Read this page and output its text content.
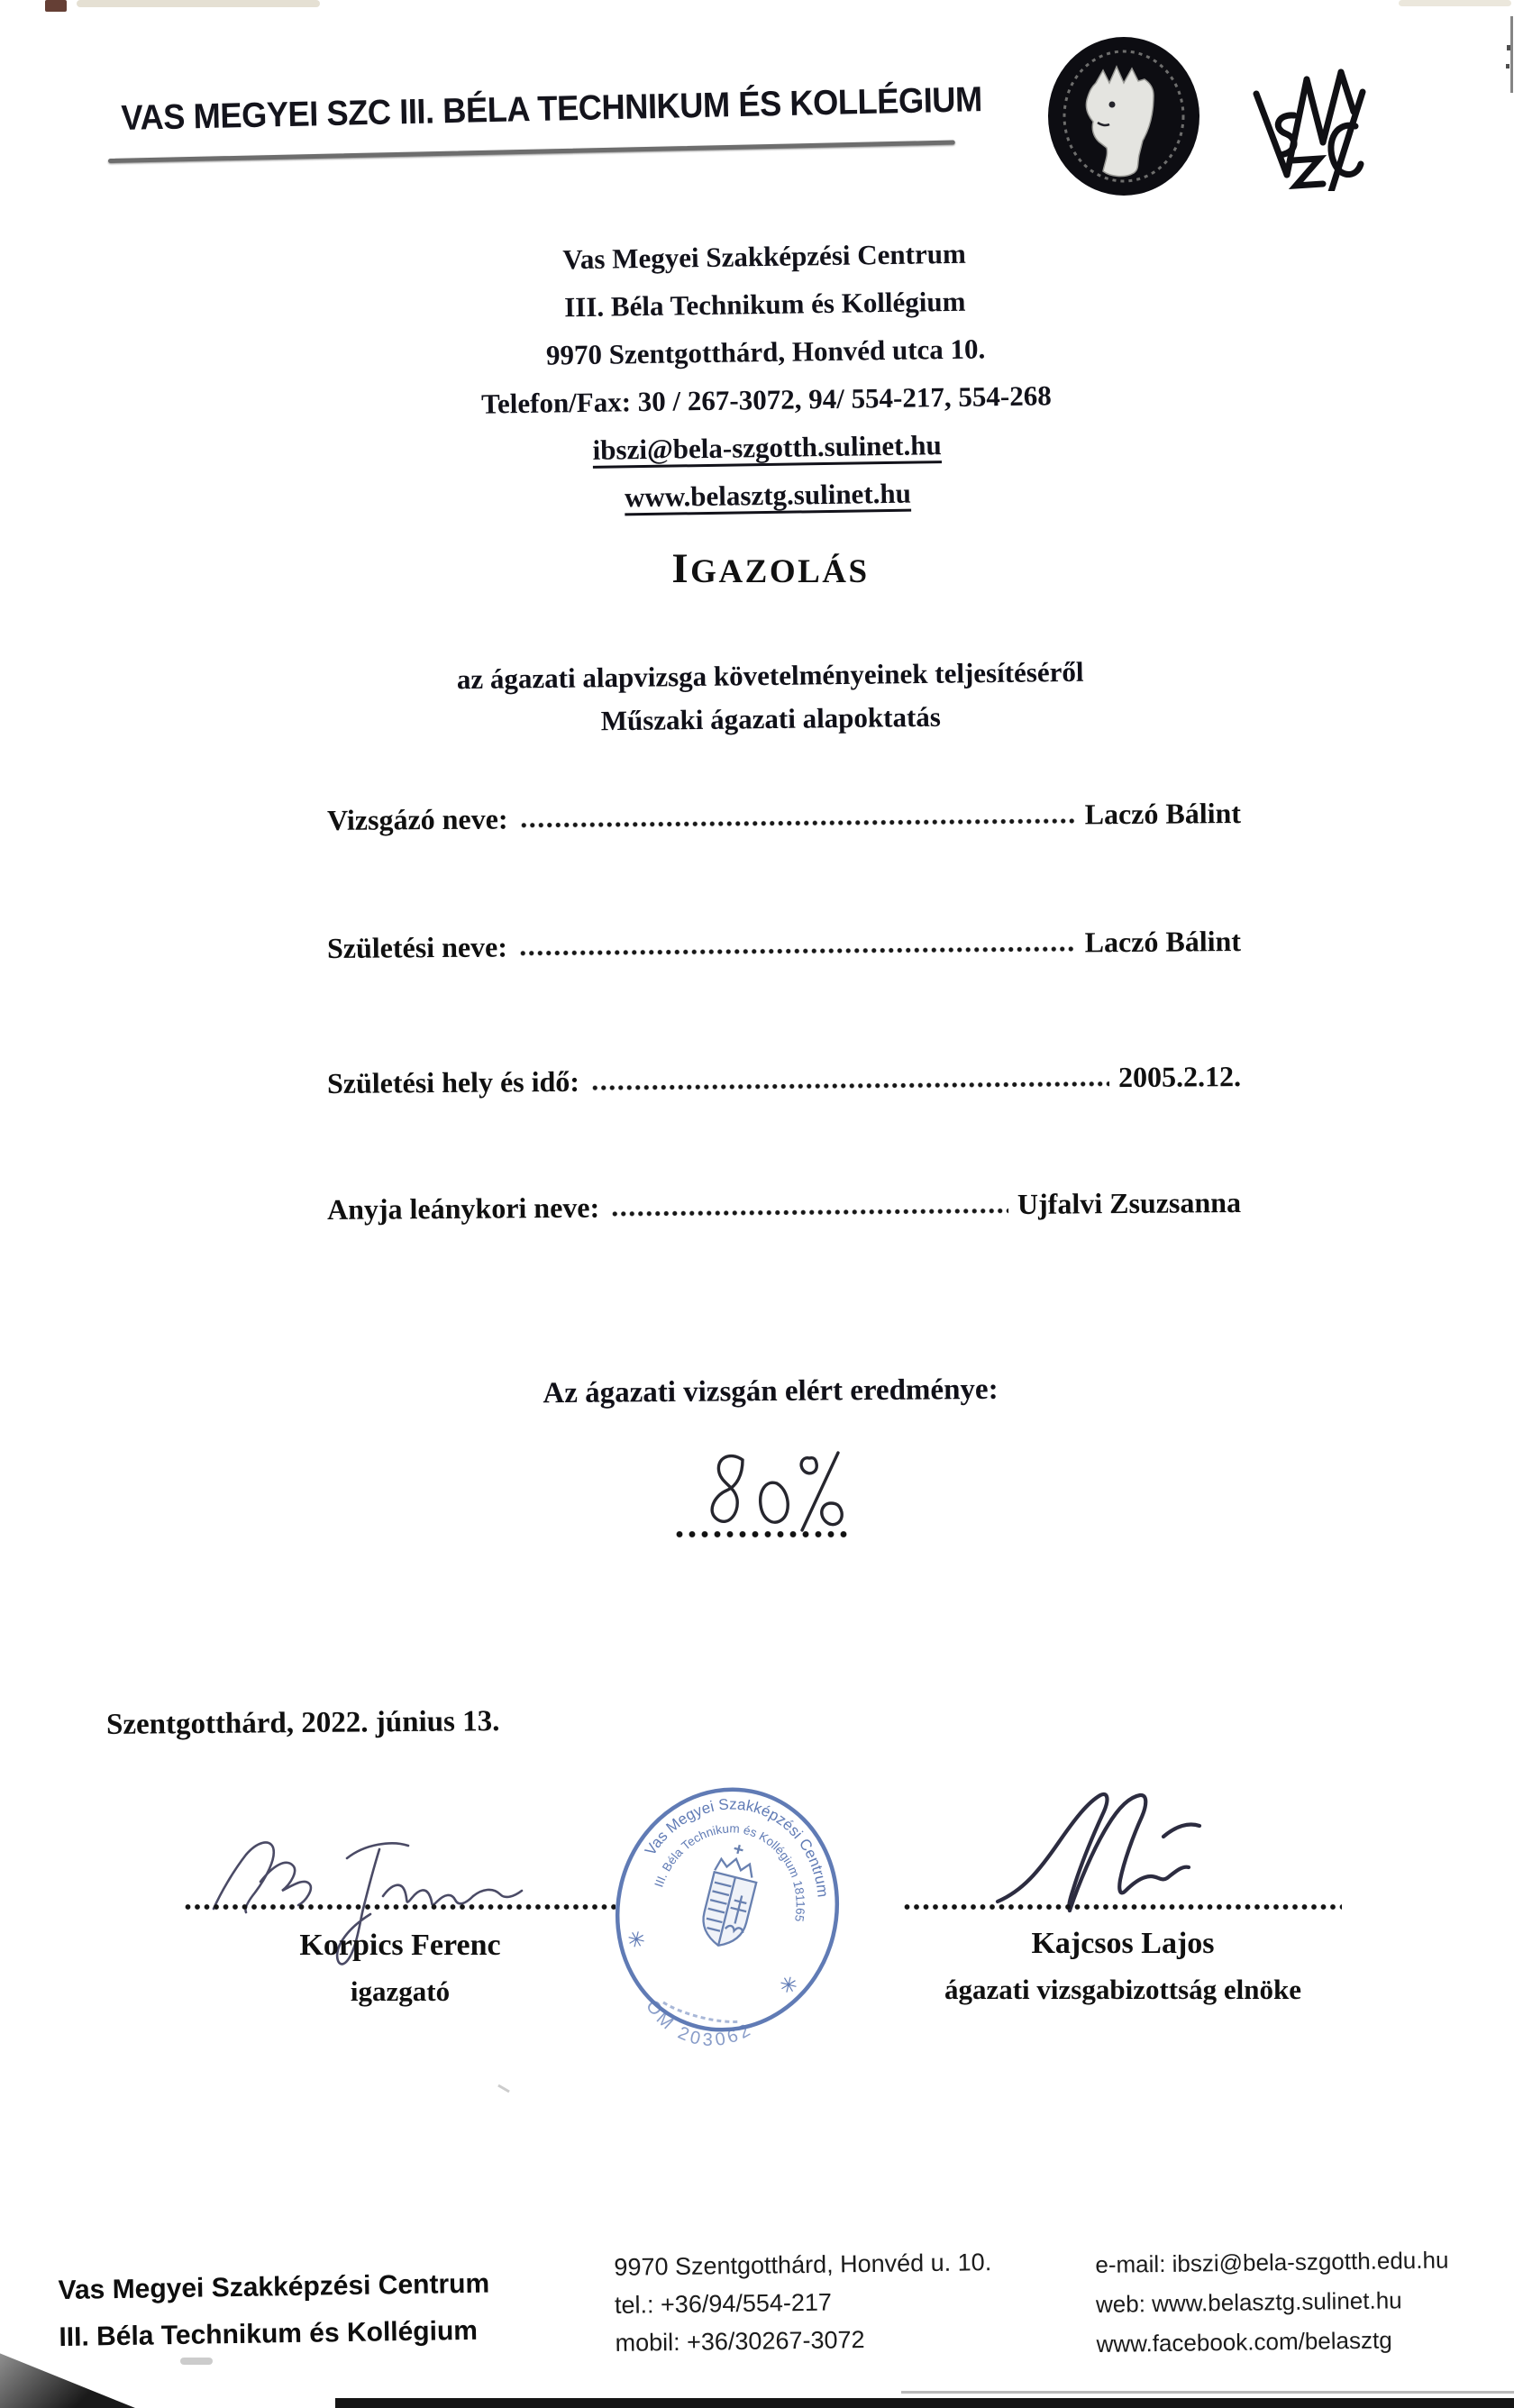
VAS MEGYEI SZC III. BÉLA TECHNIKUM ÉS KOLLÉGIUM
Vas Megyei Szakképzési Centrum
III. Béla Technikum és Kollégium
9970 Szentgotthárd, Honvéd utca 10.
Telefon/Fax: 30 / 267-3072, 94/ 554-217, 554-268
ibszi@bela-szgotth.sulinet.hu
www.belasztg.sulinet.hu
IGAZOLÁS
az ágazati alapvizsga követelményeinek teljesítéséről
Műszaki ágazati alapoktatás
Vizsgázó neve:	Laczó Bálint
Születési neve:	Laczó Bálint
Születési hely és idő:	2005.2.12.
Anyja leánykori neve:	Ujfalvi Zsuzsanna
Az ágazati vizsgán elért eredménye:
Szentgotthárd, 2022. június 13.
Korpics Ferenc
igazgató
Vas Megyei Szakképzési Centrum
III. Béla Technikum és Kollégium 181165
OM 203062
✳
✳
Kajcsos Lajos
ágazati vizsgabizottság elnöke
Vas Megyei Szakképzési Centrum
III. Béla Technikum és Kollégium
9970 Szentgotthárd, Honvéd u. 10.
tel.: +36/94/554-217
mobil: +36/30267-3072
e-mail: ibszi@bela-szgotth.edu.hu
web: www.belasztg.sulinet.hu
www.facebook.com/belasztg
